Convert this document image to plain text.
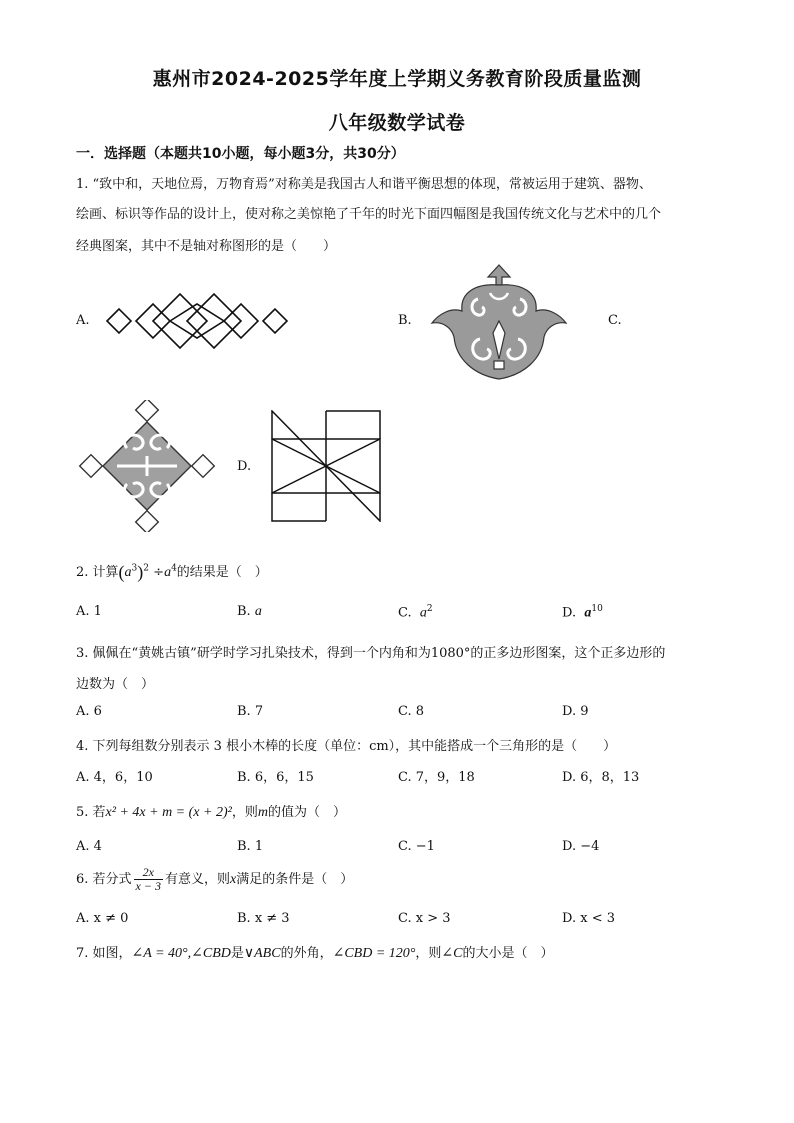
惠州市2024-2025学年度上学期义务教育阶段质量监测
八年级数学试卷
一．选择题（本题共10小题，每小题3分，共30分）
1. “致中和，天地位焉，万物育焉”对称美是我国古人和谐平衡思想的体现，常被运用于建筑、器物、
绘画、标识等作品的设计上，使对称之美惊艳了千年的时光下面四幅图是我国传统文化与艺术中的几个
经典图案，其中不是轴对称图形的是（　　）
A.	B.	C.
D.
2. 计算$(a^3)^2 \div a^4$的结果是（　）
A. 1	B. a	C. $a^2$	D. $a^{10}$
3. 佩佩在“黄姚古镇”研学时学习扎染技术，得到一个内角和为1080°的正多边形图案，这个正多边形的
边数为（　）
A. 6	B. 7	C. 8	D. 9
4. 下列每组数分别表示 3 根小木棒的长度（单位：cm），其中能搭成一个三角形的是（　　）
A. 4，6，10	B. 6，6，15	C. 7，9，18	D. 6，8，13
5. 若x² + 4x + m = (x + 2)²，则m的值为（　）
A. 4	B. 1	C. −1	D. −4
6. 若分式 $\frac{2x}{x - 3}$ 有意义，则x满足的条件是（　）
A. x ≠ 0	B. x ≠ 3	C. x > 3	D. x < 3
7. 如图，∠A = 40°,∠CBD是∨ABC的外角，∠CBD = 120°，则∠C的大小是（　）
